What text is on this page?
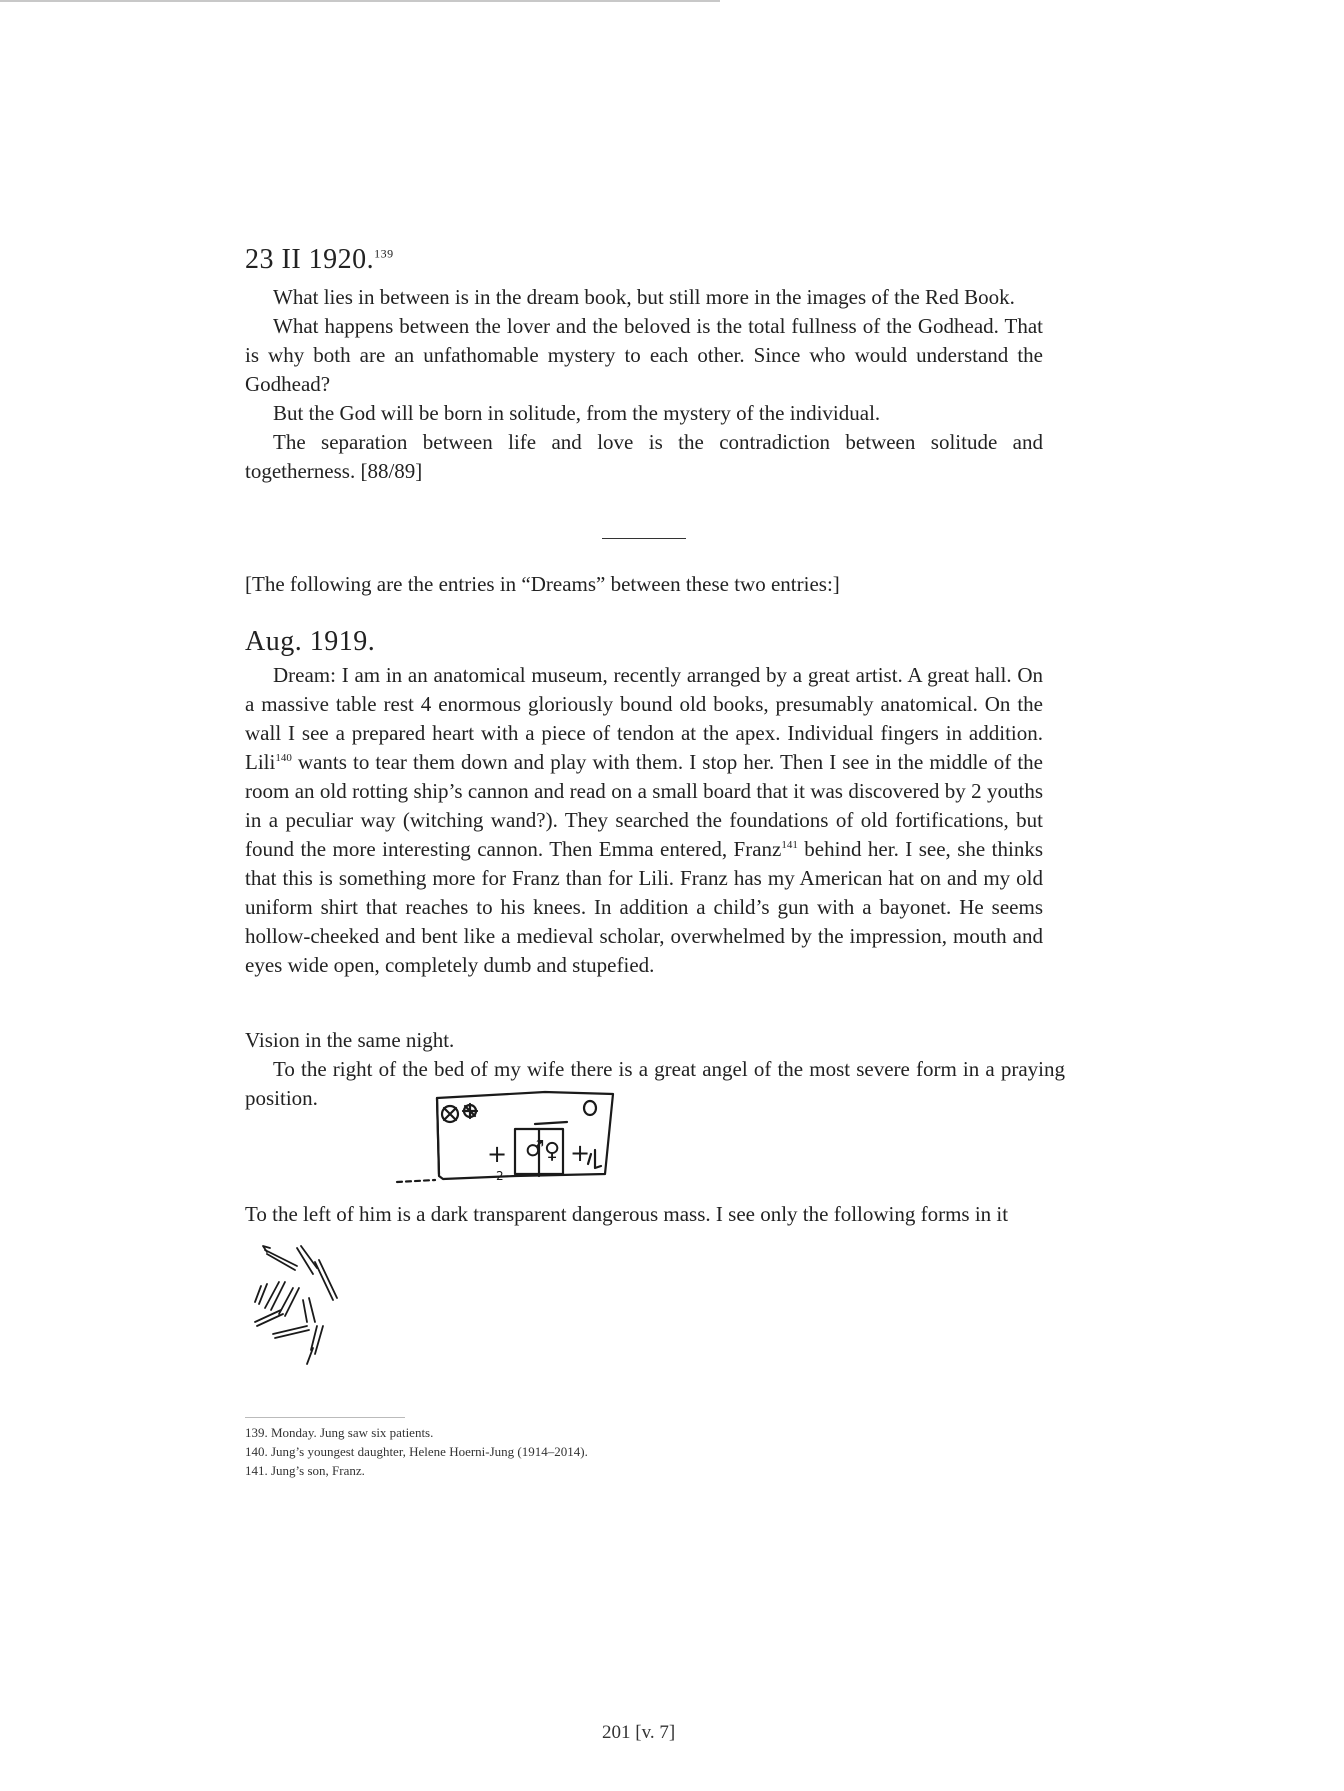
23 II 1920.$^{139}$

What lies in between is in the dream book, but still more in the images of the Red Book.

What happens between the lover and the beloved is the total fullness of the Godhead. That is why both are an unfathomable mystery to each other. Since who would understand the Godhead?

But the God will be born in solitude, from the mystery of the individual.

The separation between life and love is the contradiction between solitude and togetherness. [88/89]

[The following are the entries in “Dreams” between these two entries:]
Aug. 1919.

Dream: I am in an anatomical museum, recently arranged by a great artist. A great hall. On a massive table rest 4 enormous gloriously bound old books, presumably anatomical. On the wall I see a prepared heart with a piece of tendon at the apex. Individual fingers in addition. Lili$^{140}$ wants to tear them down and play with them. I stop her. Then I see in the middle of the room an old rotting ship’s cannon and read on a small board that it was discovered by 2 youths in a peculiar way (witching wand?). They searched the foundations of old fortifications, but found the more interesting cannon. Then Emma entered, Franz$^{141}$ behind her. I see, she thinks that this is something more for Franz than for Lili. Franz has my American hat on and my old uniform shirt that reaches to his knees. In addition a child’s gun with a bayonet. He seems hollow-cheeked and bent like a medieval scholar, overwhelmed by the impression, mouth and eyes wide open, completely dumb and stupefied.

Vision in the same night.
To the right of the bed of my wife there is a great angel of the most severe form in a praying position.
♂ ♀
+
2
+
To the left of him is a dark transparent dangerous mass. I see only the following forms in it
139. Monday. Jung saw six patients.
140. Jung’s youngest daughter, Helene Hoerni-Jung (1914–2014).
141. Jung’s son, Franz.
201 [v. 7]
